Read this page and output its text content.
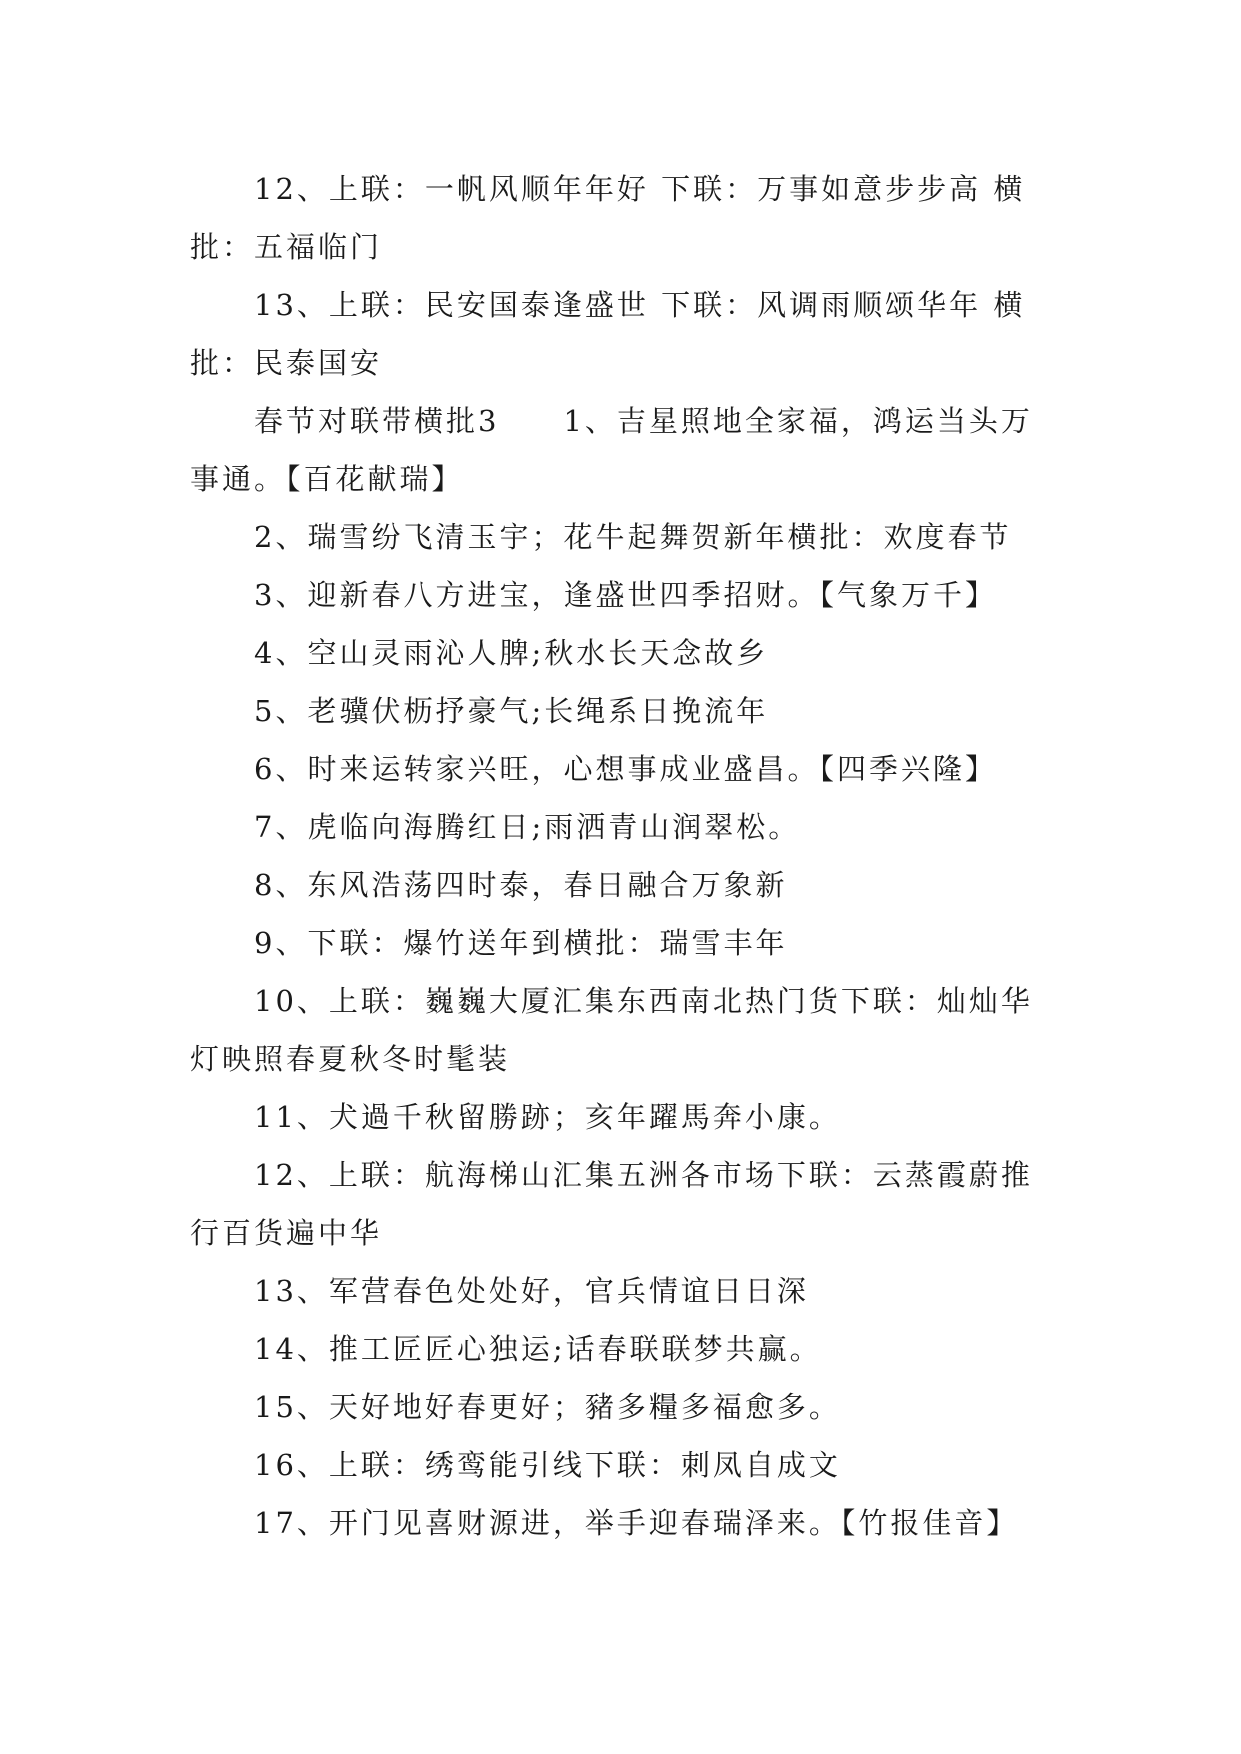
12、上联：一帆风顺年年好 下联：万事如意步步高 横批：五福临门

13、上联：民安国泰逢盛世 下联：风调雨顺颂华年 横批：民泰国安

春节对联带横批3　　1、吉星照地全家福，鸿运当头万事通。【百花献瑞】

2、瑞雪纷飞清玉宇；花牛起舞贺新年横批：欢度春节

3、迎新春八方进宝，逢盛世四季招财。【气象万千】

4、空山灵雨沁人脾;秋水长天念故乡

5、老骥伏枥抒豪气;长绳系日挽流年

6、时来运转家兴旺，心想事成业盛昌。【四季兴隆】

7、虎临向海腾红日;雨洒青山润翠松。

8、东风浩荡四时泰，春日融合万象新

9、下联：爆竹送年到横批：瑞雪丰年

10、上联：巍巍大厦汇集东西南北热门货下联：灿灿华灯映照春夏秋冬时髦装

11、犬過千秋留勝跡；亥年躍馬奔小康。

12、上联：航海梯山汇集五洲各市场下联：云蒸霞蔚推行百货遍中华

13、军营春色处处好，官兵情谊日日深

14、推工匠匠心独运;话春联联梦共赢。

15、天好地好春更好；豬多糧多福愈多。

16、上联：绣鸾能引线下联：刺凤自成文

17、开门见喜财源进，举手迎春瑞泽来。【竹报佳音】
